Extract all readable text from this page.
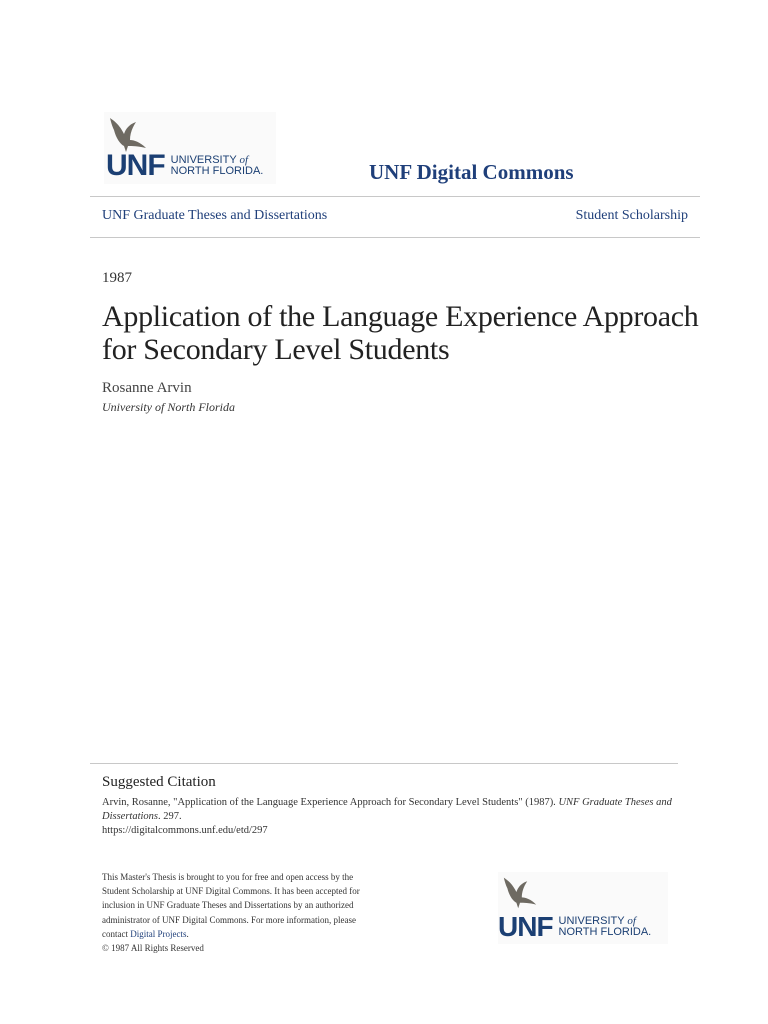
UNF UNIVERSITY of
NORTH FLORIDA.	UNF Digital Commons
UNF Graduate Theses and Dissertations	Student Scholarship
1987
Application of the Language Experience Approach
for Secondary Level Students
Rosanne Arvin
University of North Florida
Suggested Citation
Arvin, Rosanne, "Application of the Language Experience Approach for Secondary Level Students" (1987). UNF Graduate Theses and Dissertations. 297.
https://digitalcommons.unf.edu/etd/297
This Master's Thesis is brought to you for free and open access by the
Student Scholarship at UNF Digital Commons. It has been accepted for
inclusion in UNF Graduate Theses and Dissertations by an authorized
administrator of UNF Digital Commons. For more information, please
contact Digital Projects.
© 1987 All Rights Reserved
UNF UNIVERSITY of
NORTH FLORIDA.
